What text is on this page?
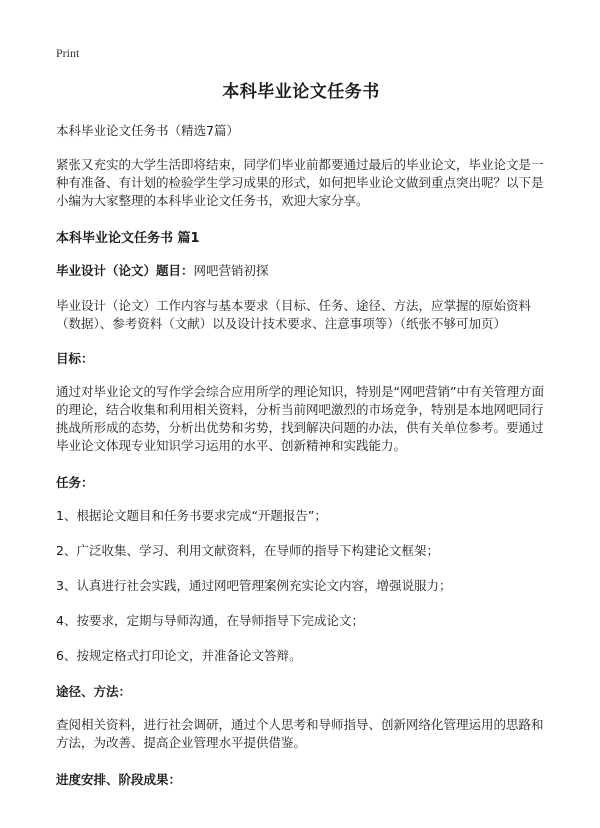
Print
本科毕业论文任务书

本科毕业论文任务书（精选7篇）

紧张又充实的大学生活即将结束，同学们毕业前都要通过最后的毕业论文，毕业论文是一种有准备、有计划的检验学生学习成果的形式，如何把毕业论文做到重点突出呢？以下是小编为大家整理的本科毕业论文任务书，欢迎大家分享。

本科毕业论文任务书 篇1

毕业设计（论文）题目：网吧营销初探

毕业设计（论文）工作内容与基本要求（目标、任务、途径、方法，应掌握的原始资料（数据）、参考资料（文献）以及设计技术要求、注意事项等）（纸张不够可加页）

目标：

通过对毕业论文的写作学会综合应用所学的理论知识，特别是“网吧营销”中有关管理方面的理论，结合收集和利用相关资料，分析当前网吧激烈的市场竞争，特别是本地网吧同行挑战所形成的态势，分析出优势和劣势，找到解决问题的办法，供有关单位参考。要通过毕业论文体现专业知识学习运用的水平、创新精神和实践能力。

任务：

1、根据论文题目和任务书要求完成“开题报告”；

2、广泛收集、学习、利用文献资料，在导师的指导下构建论文框架；

3、认真进行社会实践，通过网吧管理案例充实论文内容，增强说服力；

4、按要求，定期与导师沟通，在导师指导下完成论文；

6、按规定格式打印论文，并准备论文答辩。

途径、方法：

查阅相关资料，进行社会调研，通过个人思考和导师指导、创新网络化管理运用的思路和方法，为改善、提高企业管理水平提供借鉴。

进度安排、阶段成果：
